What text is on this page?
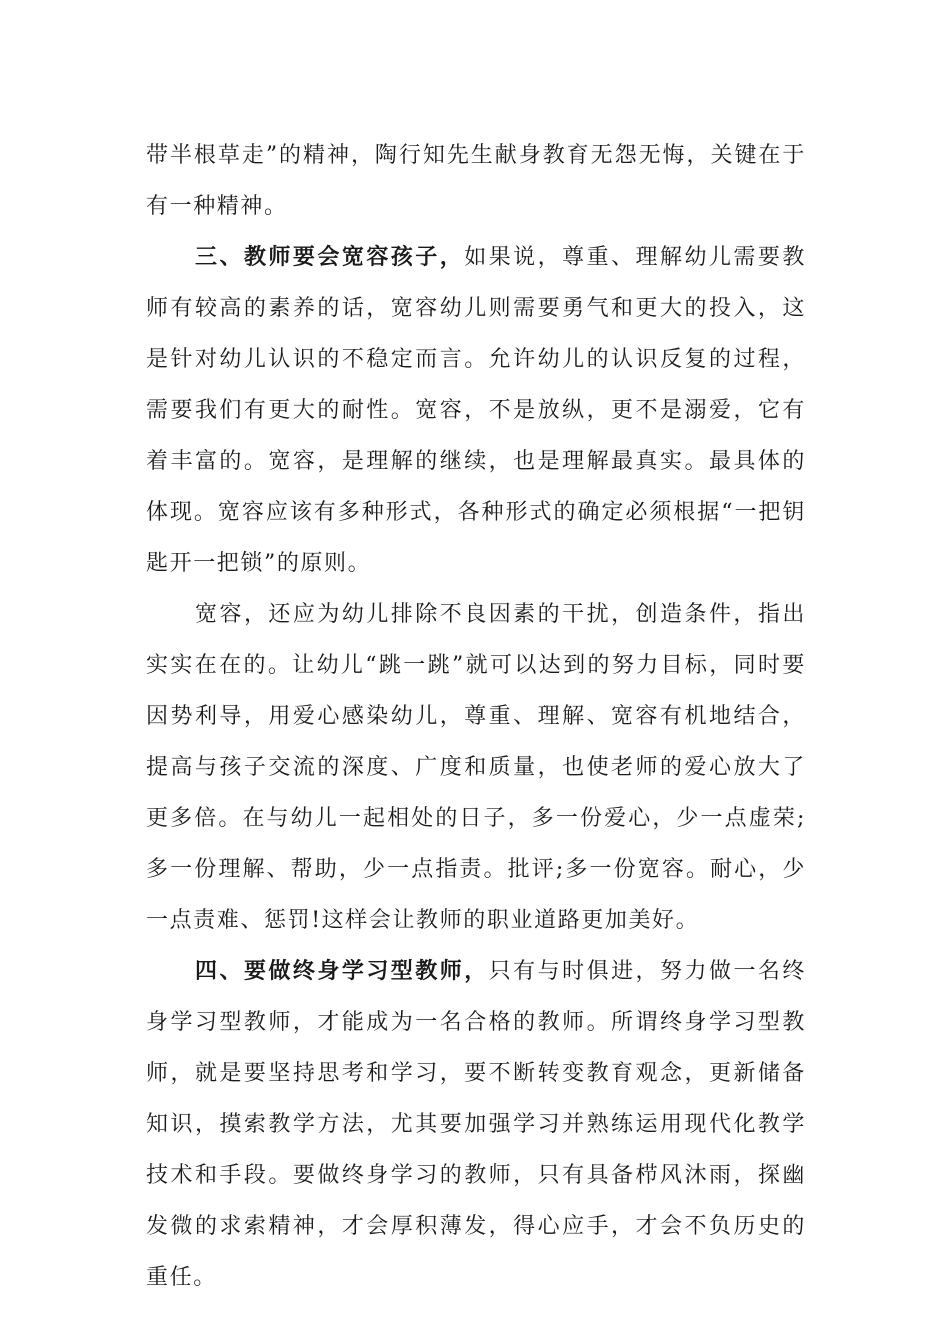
带半根草走”的精神，陶行知先生献身教育无怨无悔，关键在于有一种精神。

三、教师要会宽容孩子，如果说，尊重、理解幼儿需要教师有较高的素养的话，宽容幼儿则需要勇气和更大的投入，这是针对幼儿认识的不稳定而言。允许幼儿的认识反复的过程，需要我们有更大的耐性。宽容，不是放纵，更不是溺爱，它有着丰富的。宽容，是理解的继续，也是理解最真实。最具体的体现。宽容应该有多种形式，各种形式的确定必须根据“一把钥匙开一把锁”的原则。

宽容，还应为幼儿排除不良因素的干扰，创造条件，指出实实在在的。让幼儿“跳一跳”就可以达到的努力目标，同时要因势利导，用爱心感染幼儿，尊重、理解、宽容有机地结合，提高与孩子交流的深度、广度和质量，也使老师的爱心放大了更多倍。在与幼儿一起相处的日子，多一份爱心，少一点虚荣;多一份理解、帮助，少一点指责。批评;多一份宽容。耐心，少一点责难、惩罚!这样会让教师的职业道路更加美好。

四、要做终身学习型教师，只有与时俱进，努力做一名终身学习型教师，才能成为一名合格的教师。所谓终身学习型教师，就是要坚持思考和学习，要不断转变教育观念，更新储备知识，摸索教学方法，尤其要加强学习并熟练运用现代化教学技术和手段。要做终身学习的教师，只有具备栉风沐雨，探幽发微的求索精神，才会厚积薄发，得心应手，才会不负历史的重任。
